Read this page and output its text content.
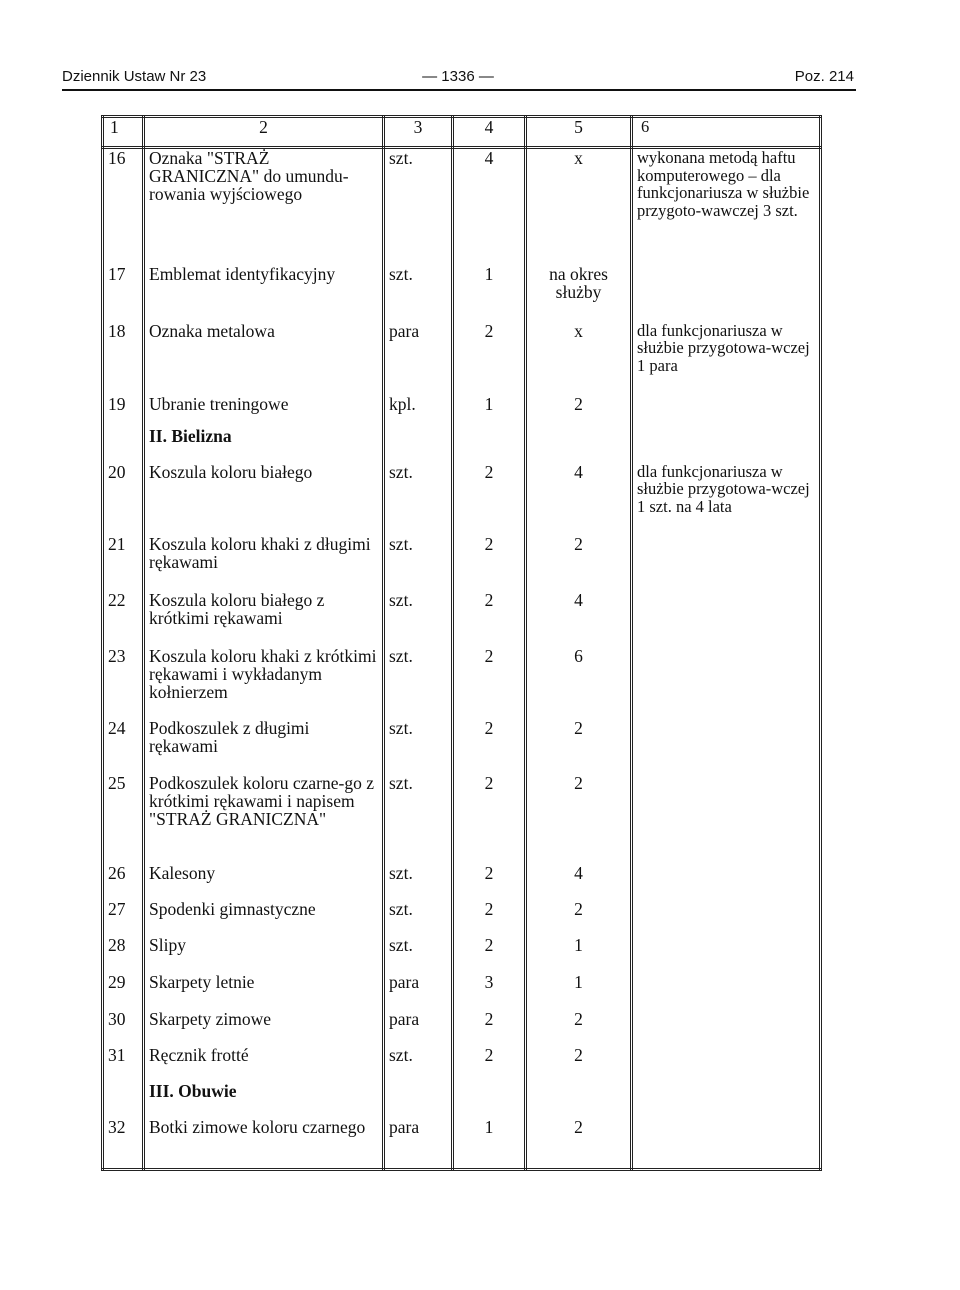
Dziennik Ustaw Nr 23	— 1336 —	Poz. 214
1	2	3	4	5	6
16	Oznaka "STRAŻ GRANICZNA" do umundu-rowania wyjściowego	szt.	4	x	wykonana metodą haftu komputerowego – dla funkcjonariusza w służbie przygoto-wawczej 3 szt.
17	Emblemat identyfikacyjny	szt.	1	na okres służby	
18	Oznaka metalowa	para	2	x	dla funkcjonariusza w służbie przygotowa-wczej 1 para
19	Ubranie treningowe	kpl.	1	2	
	II. Bielizna				
20	Koszula koloru białego	szt.	2	4	dla funkcjonariusza w służbie przygotowa-wczej 1 szt. na 4 lata
21	Koszula koloru khaki z długimi rękawami	szt.	2	2	
22	Koszula koloru białego z krótkimi rękawami	szt.	2	4	
23	Koszula koloru khaki z krótkimi rękawami i wykładanym kołnierzem	szt.	2	6	
24	Podkoszulek z długimi rękawami	szt.	2	2	
25	Podkoszulek koloru czarne-go z krótkimi rękawami i napisem "STRAŻ GRANICZNA"	szt.	2	2	
26	Kalesony	szt.	2	4	
27	Spodenki gimnastyczne	szt.	2	2	
28	Slipy	szt.	2	1	
29	Skarpety letnie	para	3	1	
30	Skarpety zimowe	para	2	2	
31	Ręcznik frotté	szt.	2	2	
	III. Obuwie				
32	Botki zimowe koloru czarnego	para	1	2	
